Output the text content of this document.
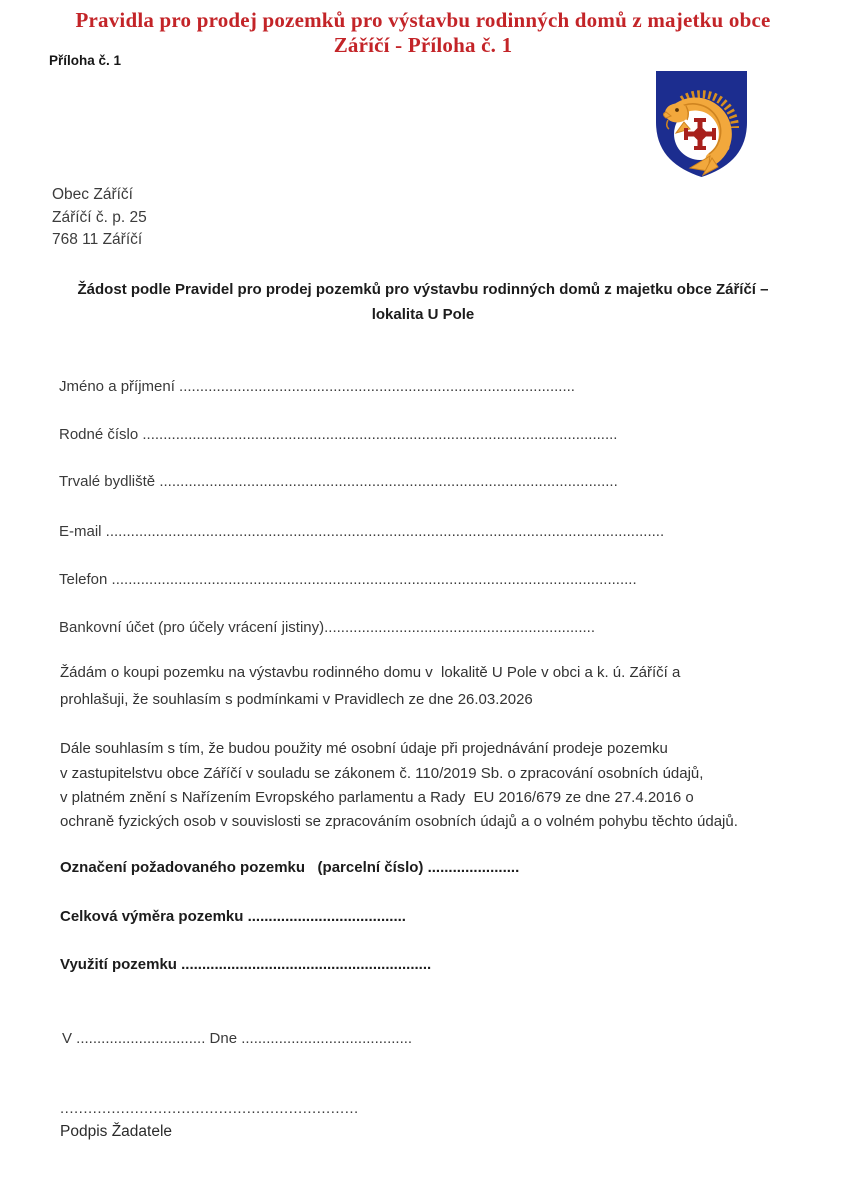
Pravidla pro prodej pozemků pro výstavbu rodinných domů z majetku obce
Záříčí - Příloha č. 1
Příloha č. 1
Obec Záříčí
Záříčí č. p. 25
768 11 Záříčí
Žádost podle Pravidel pro prodej pozemků pro výstavbu rodinných domů z majetku obce Záříčí –
lokalita U Pole
Jméno a příjmení ...............................................................................................
Rodné číslo ..................................................................................................................
Trvalé bydliště ..............................................................................................................
E-mail ......................................................................................................................................
Telefon ..............................................................................................................................
Bankovní účet (pro účely vrácení jistiny).................................................................
Žádám o koupi pozemku na výstavbu rodinného domu v  lokalitě U Pole v obci a k. ú. Záříčí a
prohlašuji, že souhlasím s podmínkami v Pravidlech ze dne 26.03.2026
Dále souhlasím s tím, že budou použity mé osobní údaje při projednávání prodeje pozemku
v zastupitelstvu obce Záříčí v souladu se zákonem č. 110/2019 Sb. o zpracování osobních údajů,
v platném znění s Nařízením Evropského parlamentu a Rady  EU 2016/679 ze dne 27.4.2016 o
ochraně fyzických osob v souvislosti se zpracováním osobních údajů a o volném pohybu těchto údajů.
Označení požadovaného pozemku   (parcelní číslo) ......................
Celková výměra pozemku ......................................
Využití pozemku ............................................................
V ............................... Dne .........................................
................................................................
Podpis Žadatele
